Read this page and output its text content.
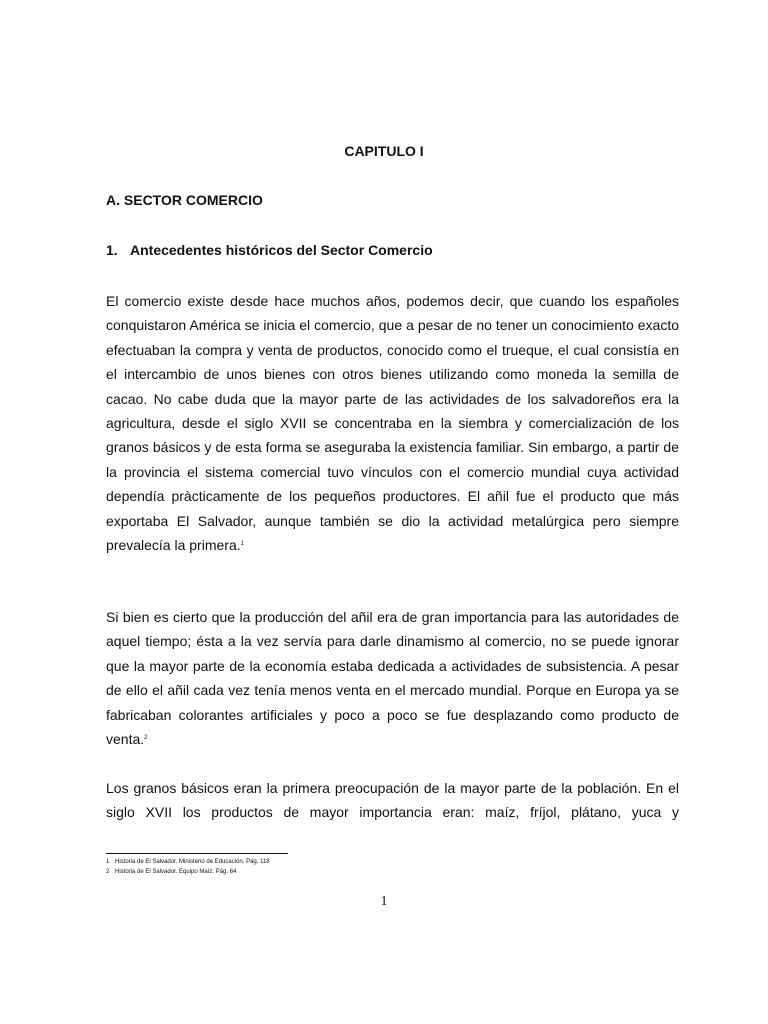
CAPITULO I
A. SECTOR COMERCIO
1. Antecedentes históricos del Sector Comercio

El comercio existe desde hace muchos años, podemos decir, que cuando los españoles conquistaron América se inicia el comercio, que a pesar de no tener un conocimiento exacto efectuaban la compra y venta de productos, conocido como el trueque, el cual consistía en el intercambio de unos bienes con otros bienes utilizando como moneda la semilla de cacao. No cabe duda que la mayor parte de las actividades de los salvadoreños era la agricultura, desde el siglo XVII se concentraba en la siembra y comercialización de los granos básicos y de esta forma se aseguraba la existencia familiar. Sin embargo, a partir de la provincia el sistema comercial tuvo vínculos con el comercio mundial cuya actividad dependía pràcticamente de los pequeños productores. El añil fue el producto que más exportaba El Salvador, aunque también se dio la actividad metalúrgica pero siempre prevalecía la primera.$^1$

Si bien es cierto que la producción del añil era de gran importancia para las autoridades de aquel tiempo; ésta a la vez servía para darle dinamismo al comercio, no se puede ignorar que la mayor parte de la economía estaba dedicada a actividades de subsistencia. A pesar de ello el añil cada vez tenía menos venta en el mercado mundial. Porque en Europa ya se fabricaban colorantes artificiales y poco a poco se fue desplazando como producto de venta.$^2$

Los granos básicos eran la primera preocupación de la mayor parte de la población. En el siglo XVII los productos de mayor importancia eran: maíz, fríjol, plátano, yuca y

1 Historia de El Salvador. Ministerio de Educación. Pág. 118
2 Historia de El Salvador. Equipo Maíz. Pág. 64
1
